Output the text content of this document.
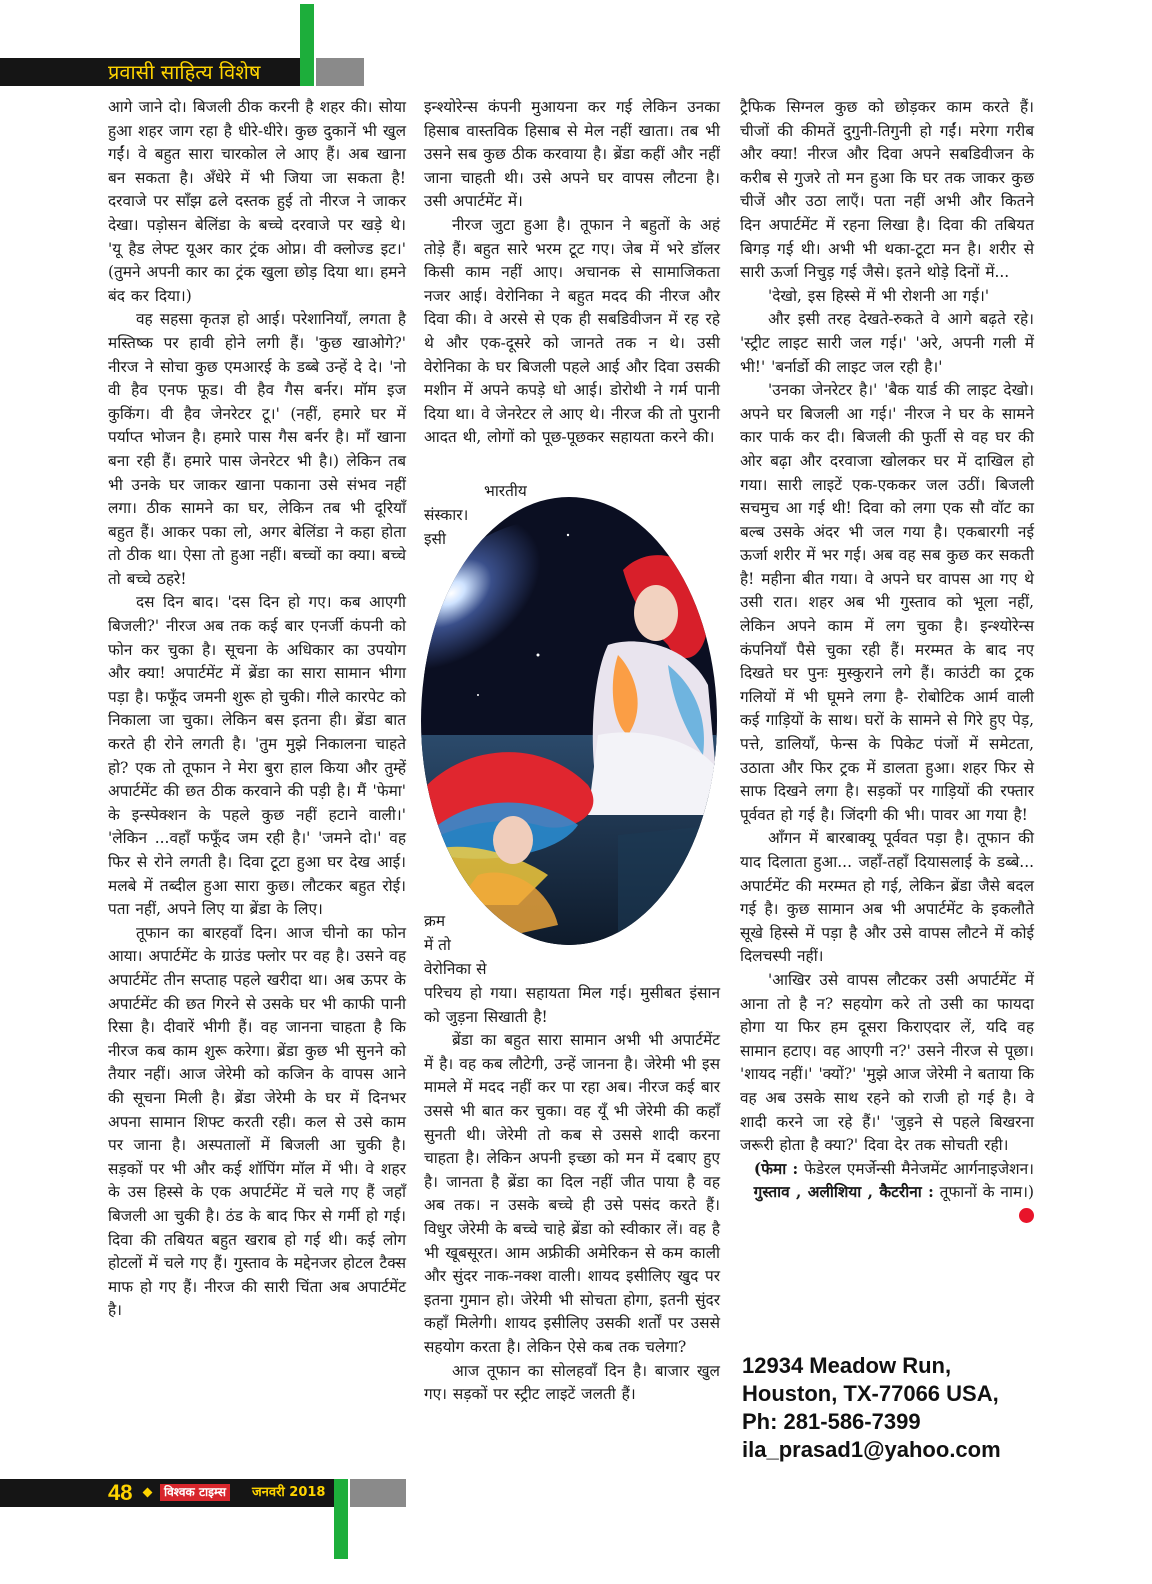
प्रवासी साहित्य विशेष

आगे जाने दो। बिजली ठीक करनी है शहर की। सोया हुआ शहर जाग रहा है धीरे-धीरे। कुछ दुकानें भी खुल गईं। वे बहुत सारा चारकोल ले आए हैं। अब खाना बन सकता है। अँधेरे में भी जिया जा सकता है! दरवाजे पर साँझ ढले दस्तक हुई तो नीरज ने जाकर देखा। पड़ोसन बेलिंडा के बच्चे दरवाजे पर खड़े थे। 'यू हैड लेफ्ट यूअर कार ट्रंक ओप्न। वी क्लोज्ड इट।' (तुमने अपनी कार का ट्रंक खुला छोड़ दिया था। हमने बंद कर दिया।)

वह सहसा कृतज्ञ हो आई। परेशानियाँ, लगता है मस्तिष्क पर हावी होने लगी हैं। 'कुछ खाओगे?' नीरज ने सोचा कुछ एमआरई के डब्बे उन्हें दे दे। 'नो वी हैव एनफ फूड। वी हैव गैस बर्नर। मॉम इज कुकिंग। वी हैव जेनरेटर टू।' (नहीं, हमारे घर में पर्याप्त भोजन है। हमारे पास गैस बर्नर है। माँ खाना बना रही हैं। हमारे पास जेनरेटर भी है।) लेकिन तब भी उनके घर जाकर खाना पकाना उसे संभव नहीं लगा। ठीक सामने का घर, लेकिन तब भी दूरियाँ बहुत हैं। आकर पका लो, अगर बेलिंडा ने कहा होता तो ठीक था। ऐसा तो हुआ नहीं। बच्चों का क्या। बच्चे तो बच्चे ठहरे!

दस दिन बाद। 'दस दिन हो गए। कब आएगी बिजली?' नीरज अब तक कई बार एनर्जी कंपनी को फोन कर चुका है। सूचना के अधिकार का उपयोग और क्या! अपार्टमेंट में ब्रेंडा का सारा सामान भीगा पड़ा है। फफूँद जमनी शुरू हो चुकी। गीले कारपेट को निकाला जा चुका। लेकिन बस इतना ही। ब्रेंडा बात करते ही रोने लगती है। 'तुम मुझे निकालना चाहते हो? एक तो तूफान ने मेरा बुरा हाल किया और तुम्हें अपार्टमेंट की छत ठीक करवाने की पड़ी है। मैं 'फेमा' के इन्स्पेक्शन के पहले कुछ नहीं हटाने वाली।' 'लेकिन ...वहाँ फफूँद जम रही है।' 'जमने दो।' वह फिर से रोने लगती है। दिवा टूटा हुआ घर देख आई। मलबे में तब्दील हुआ सारा कुछ। लौटकर बहुत रोई। पता नहीं, अपने लिए या ब्रेंडा के लिए।

तूफान का बारहवाँ दिन। आज चीनो का फोन आया। अपार्टमेंट के ग्राउंड फ्लोर पर वह है। उसने वह अपार्टमेंट तीन सप्ताह पहले खरीदा था। अब ऊपर के अपार्टमेंट की छत गिरने से उसके घर भी काफी पानी रिसा है। दीवारें भीगी हैं। वह जानना चाहता है कि नीरज कब काम शुरू करेगा। ब्रेंडा कुछ भी सुनने को तैयार नहीं। आज जेरेमी को कजिन के वापस आने की सूचना मिली है। ब्रेंडा जेरेमी के घर में दिनभर अपना सामान शिफ्ट करती रही। कल से उसे काम पर जाना है। अस्पतालों में बिजली आ चुकी है। सड़कों पर भी और कई शॉपिंग मॉल में भी। वे शहर के उस हिस्से के एक अपार्टमेंट में चले गए हैं जहाँ बिजली आ चुकी है। ठंड के बाद फिर से गर्मी हो गई। दिवा की तबियत बहुत खराब हो गई थी। कई लोग होटलों में चले गए हैं। गुस्ताव के मद्देनजर होटल टैक्स माफ हो गए हैं। नीरज की सारी चिंता अब अपार्टमेंट है।

इन्श्योरेन्स कंपनी मुआयना कर गई लेकिन उनका हिसाब वास्तविक हिसाब से मेल नहीं खाता। तब भी उसने सब कुछ ठीक करवाया है। ब्रेंडा कहीं और नहीं जाना चाहती थी। उसे अपने घर वापस लौटना है। उसी अपार्टमेंट में।

नीरज जुटा हुआ है। तूफान ने बहुतों के अहं तोड़े हैं। बहुत सारे भरम टूट गए। जेब में भरे डॉलर किसी काम नहीं आए। अचानक से सामाजिकता नजर आई। वेरोनिका ने बहुत मदद की नीरज और दिवा की। वे अरसे से एक ही सबडिवीजन में रह रहे थे और एक-दूसरे को जानते तक न थे। उसी वेरोनिका के घर बिजली पहले आई और दिवा उसकी मशीन में अपने कपड़े धो आई। डोरोथी ने गर्म पानी दिया था। वे जेनरेटर ले आए थे। नीरज की तो पुरानी आदत थी, लोगों को पूछ-पूछकर सहायता करने की।

भारतीय
संस्कार।
इसी
क्रम
में तो
वेरोनिका से

परिचय हो गया। सहायता मिल गई। मुसीबत इंसान को जुड़ना सिखाती है!

ब्रेंडा का बहुत सारा सामान अभी भी अपार्टमेंट में है। वह कब लौटेगी, उन्हें जानना है। जेरेमी भी इस मामले में मदद नहीं कर पा रहा अब। नीरज कई बार उससे भी बात कर चुका। वह यूँ भी जेरेमी की कहाँ सुनती थी। जेरेमी तो कब से उससे शादी करना चाहता है। लेकिन अपनी इच्छा को मन में दबाए हुए है। जानता है ब्रेंडा का दिल नहीं जीत पाया है वह अब तक। न उसके बच्चे ही उसे पसंद करते हैं। विधुर जेरेमी के बच्चे चाहे ब्रेंडा को स्वीकार लें। वह है भी खूबसूरत। आम अफ्रीकी अमेरिकन से कम काली और सुंदर नाक-नक्श वाली। शायद इसीलिए खुद पर इतना गुमान हो। जेरेमी भी सोचता होगा, इतनी सुंदर कहाँ मिलेगी। शायद इसीलिए उसकी शर्तों पर उससे सहयोग करता है। लेकिन ऐसे कब तक चलेगा?

आज तूफान का सोलहवाँ दिन है। बाजार खुल गए। सड़कों पर स्ट्रीट लाइटें जलती हैं।

ट्रैफिक सिग्नल कुछ को छोड़कर काम करते हैं। चीजों की कीमतें दुगुनी-तिगुनी हो गईं। मरेगा गरीब और क्या! नीरज और दिवा अपने सबडिवीजन के करीब से गुजरे तो मन हुआ कि घर तक जाकर कुछ चीजें और उठा लाएँ। पता नहीं अभी और कितने दिन अपार्टमेंट में रहना लिखा है। दिवा की तबियत बिगड़ गई थी। अभी भी थका-टूटा मन है। शरीर से सारी ऊर्जा निचुड़ गई जैसे। इतने थोड़े दिनों में...

'देखो, इस हिस्से में भी रोशनी आ गई।'

और इसी तरह देखते-रुकते वे आगे बढ़ते रहे। 'स्ट्रीट लाइट सारी जल गई।' 'अरे, अपनी गली में भी!' 'बर्नार्डो की लाइट जल रही है।'

'उनका जेनरेटर है।' 'बैक यार्ड की लाइट देखो। अपने घर बिजली आ गई।' नीरज ने घर के सामने कार पार्क कर दी। बिजली की फुर्ती से वह घर की ओर बढ़ा और दरवाजा खोलकर घर में दाखिल हो गया। सारी लाइटें एक-एककर जल उठीं। बिजली सचमुच आ गई थी! दिवा को लगा एक सौ वॉट का बल्ब उसके अंदर भी जल गया है। एकबारगी नई ऊर्जा शरीर में भर गई। अब वह सब कुछ कर सकती है! महीना बीत गया। वे अपने घर वापस आ गए थे उसी रात। शहर अब भी गुस्ताव को भूला नहीं, लेकिन अपने काम में लग चुका है। इन्श्योरेन्स कंपनियाँ पैसे चुका रही हैं। मरम्मत के बाद नए दिखते घर पुनः मुस्कुराने लगे हैं। काउंटी का ट्रक गलियों में भी घूमने लगा है- रोबोटिक आर्म वाली कई गाड़ियों के साथ। घरों के सामने से गिरे हुए पेड़, पत्ते, डालियाँ, फेन्स के पिकेट पंजों में समेटता, उठाता और फिर ट्रक में डालता हुआ। शहर फिर से साफ दिखने लगा है। सड़कों पर गाड़ियों की रफ्तार पूर्ववत हो गई है। जिंदगी की भी। पावर आ गया है!

आँगन में बारबाक्यू पूर्ववत पड़ा है। तूफान की याद दिलाता हुआ... जहाँ-तहाँ दियासलाई के डब्बे... अपार्टमेंट की मरम्मत हो गई, लेकिन ब्रेंडा जैसे बदल गई है। कुछ सामान अब भी अपार्टमेंट के इकलौते सूखे हिस्से में पड़ा है और उसे वापस लौटने में कोई दिलचस्पी नहीं।

'आखिर उसे वापस लौटकर उसी अपार्टमेंट में आना तो है न? सहयोग करे तो उसी का फायदा होगा या फिर हम दूसरा किराएदार लें, यदि वह सामान हटाए। वह आएगी न?' उसने नीरज से पूछा। 'शायद नहीं।' 'क्यों?' 'मुझे आज जेरेमी ने बताया कि वह अब उसके साथ रहने को राजी हो गई है। वे शादी करने जा रहे हैं।' 'जुड़ने से पहले बिखरना जरूरी होता है क्या?' दिवा देर तक सोचती रही।

(फेमा : फेडेरल एमर्जेन्सी मैनेजमेंट आर्गनाइजेशन। गुस्ताव , अलीशिया , कैटरीना : तूफानों के नाम।)

12934 Meadow Run,
Houston, TX-77066 USA,
Ph: 281-586-7399
ila_prasad1@yahoo.com
48	विश्वक टाइम्स	जनवरी 2018
